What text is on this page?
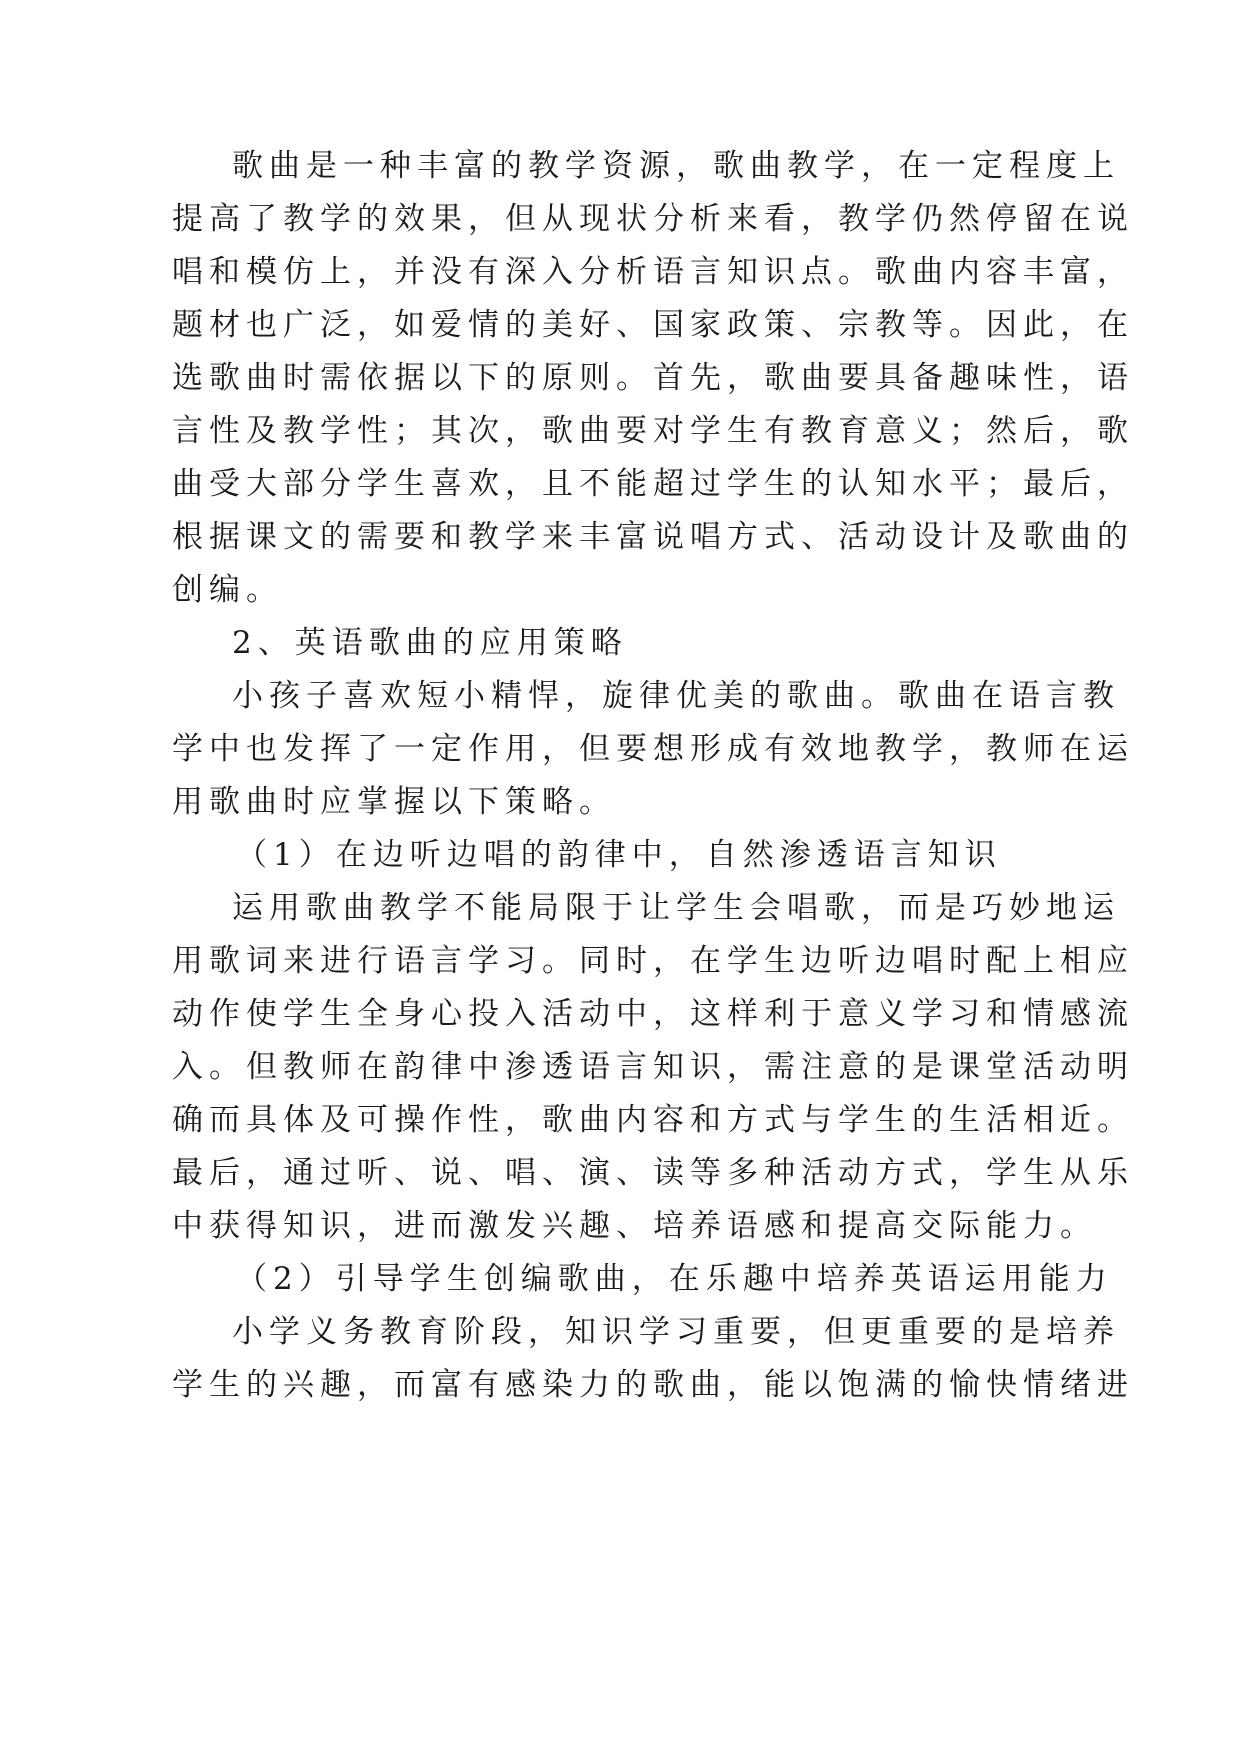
歌曲是一种丰富的教学资源，歌曲教学，在一定程度上
提高了教学的效果，但从现状分析来看，教学仍然停留在说
唱和模仿上，并没有深入分析语言知识点。歌曲内容丰富，
题材也广泛，如爱情的美好、国家政策、宗教等。因此，在
选歌曲时需依据以下的原则。首先，歌曲要具备趣味性，语
言性及教学性；其次，歌曲要对学生有教育意义；然后，歌
曲受大部分学生喜欢，且不能超过学生的认知水平；最后，
根据课文的需要和教学来丰富说唱方式、活动设计及歌曲的
创编。
2、英语歌曲的应用策略
小孩子喜欢短小精悍，旋律优美的歌曲。歌曲在语言教
学中也发挥了一定作用，但要想形成有效地教学，教师在运
用歌曲时应掌握以下策略。
（1）在边听边唱的韵律中，自然渗透语言知识
运用歌曲教学不能局限于让学生会唱歌，而是巧妙地运
用歌词来进行语言学习。同时，在学生边听边唱时配上相应
动作使学生全身心投入活动中，这样利于意义学习和情感流
入。但教师在韵律中渗透语言知识，需注意的是课堂活动明
确而具体及可操作性，歌曲内容和方式与学生的生活相近。
最后，通过听、说、唱、演、读等多种活动方式，学生从乐
中获得知识，进而激发兴趣、培养语感和提高交际能力。
（2）引导学生创编歌曲，在乐趣中培养英语运用能力
小学义务教育阶段，知识学习重要，但更重要的是培养
学生的兴趣，而富有感染力的歌曲，能以饱满的愉快情绪进
